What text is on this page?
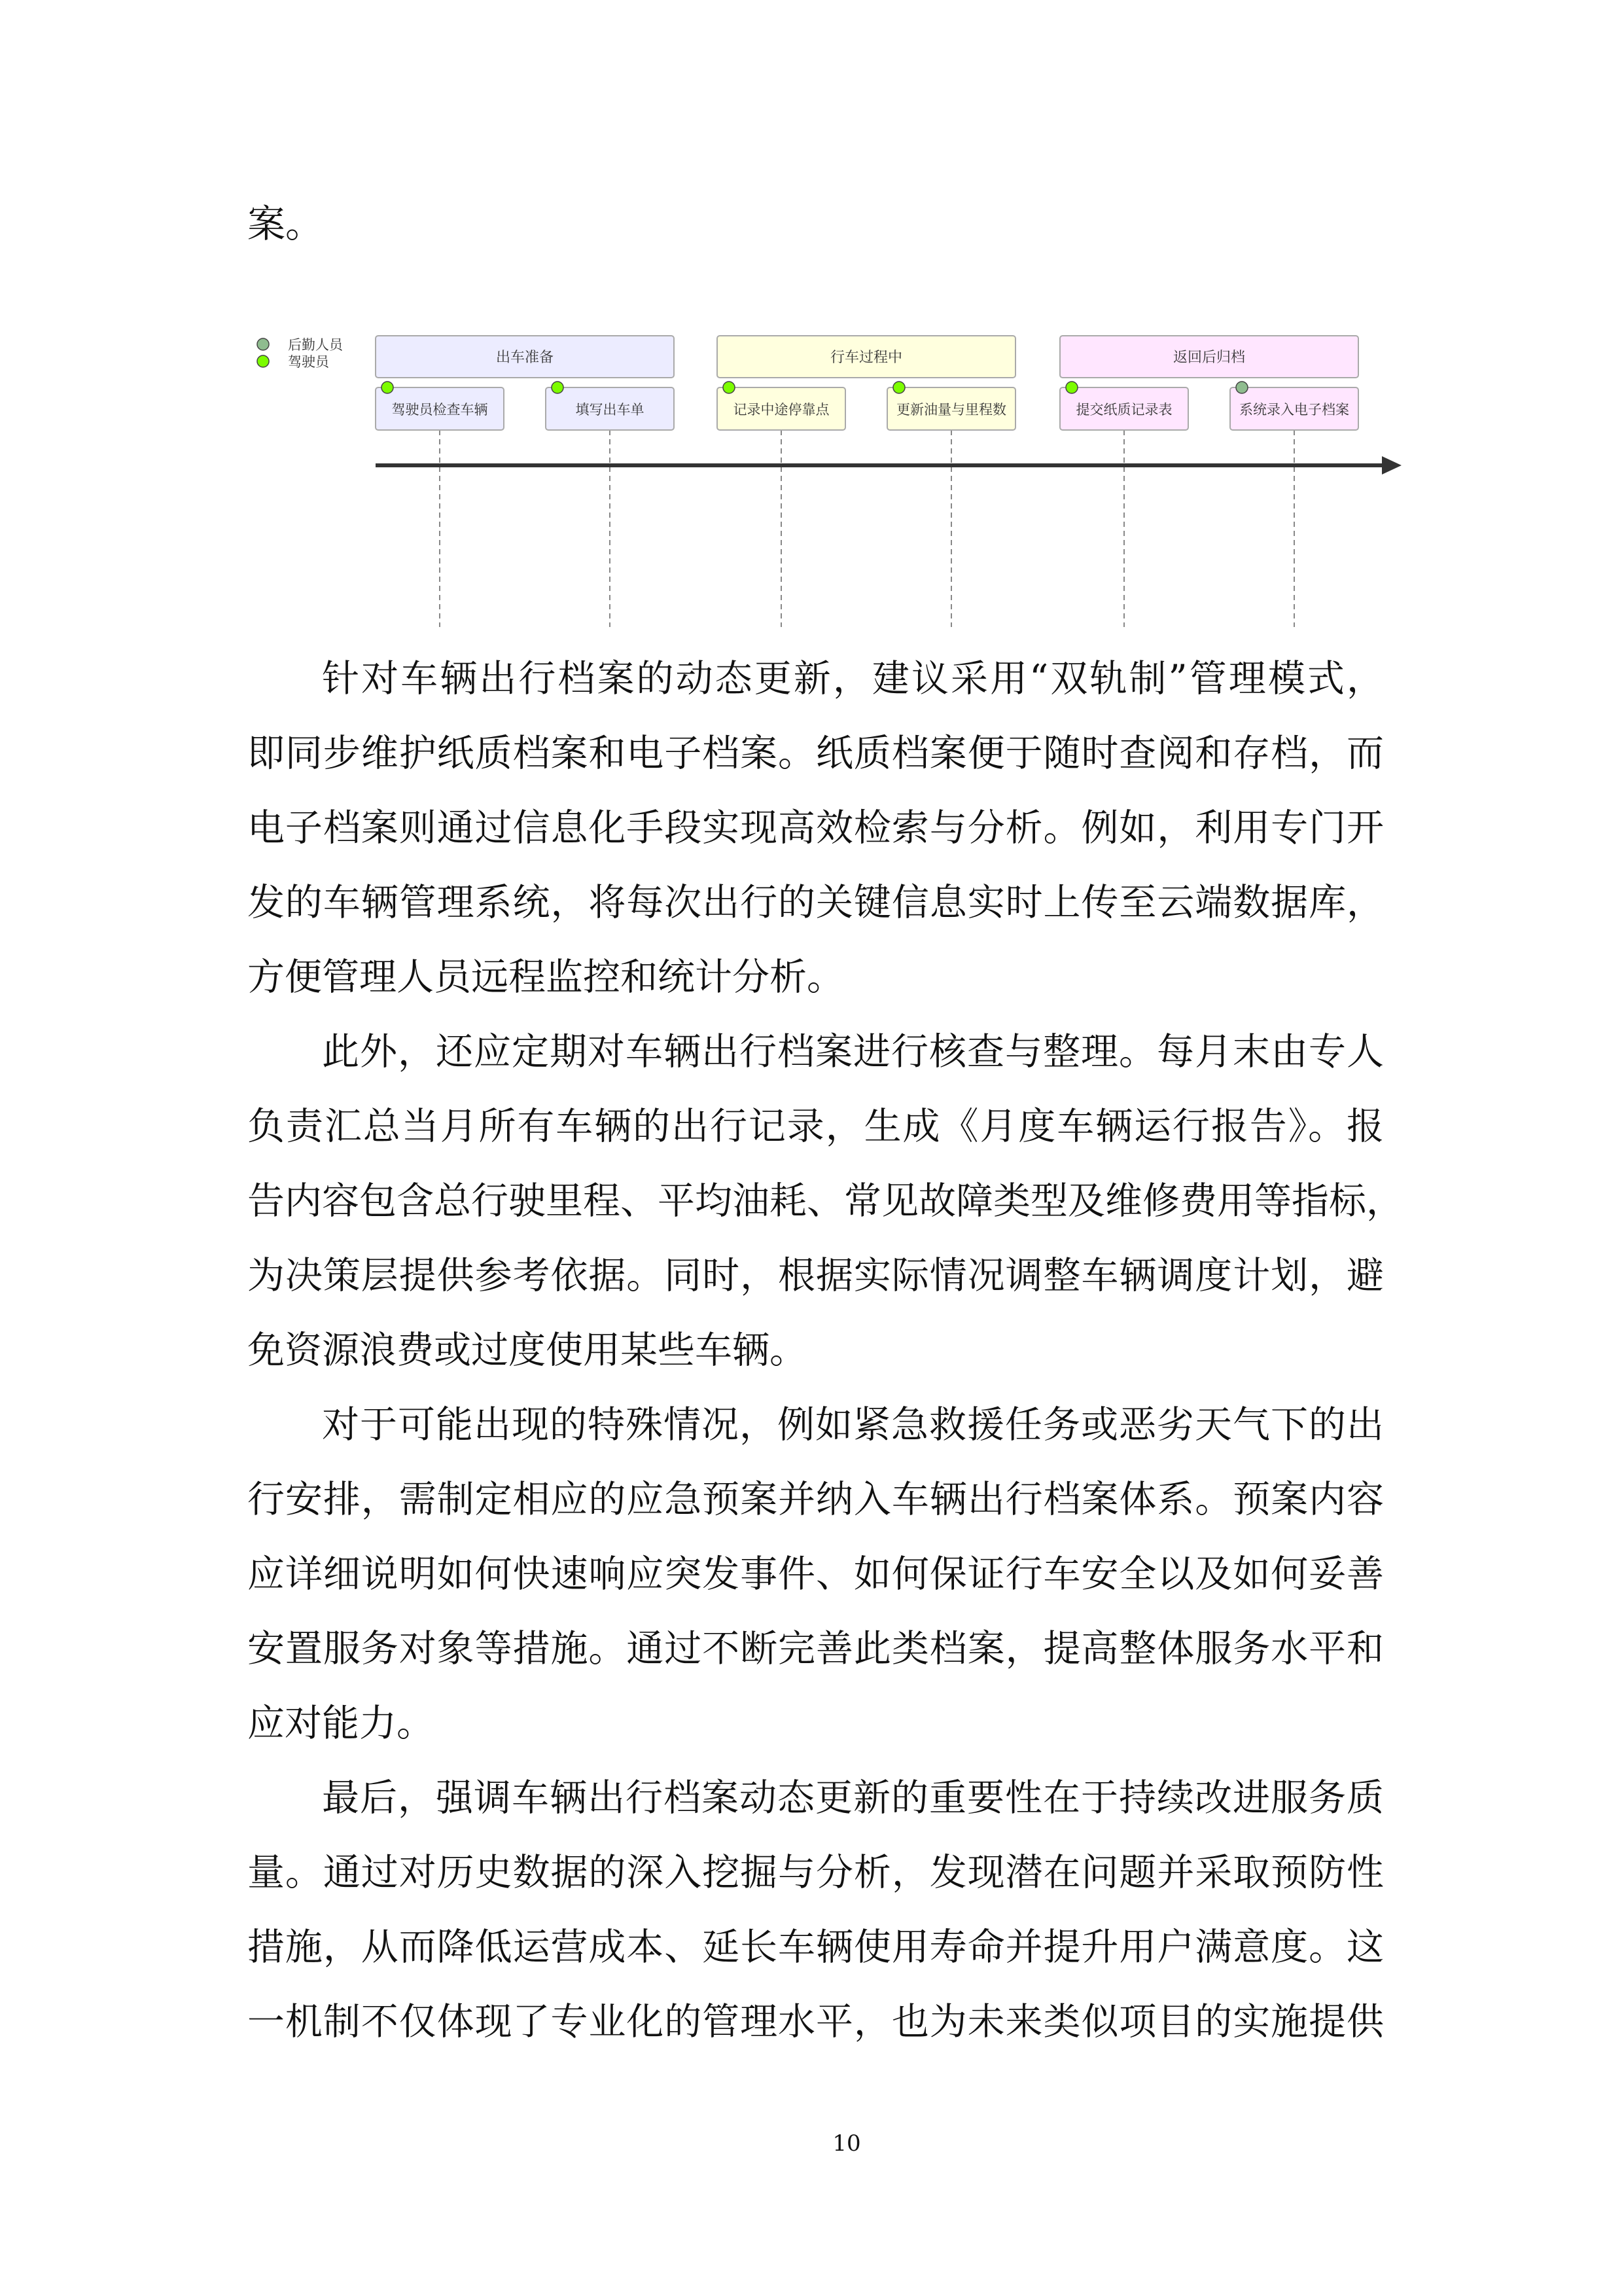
案。
后勤人员
驾驶员	出车准备
驾驶员检查车辆	填写出车单
行车过程中
记录中途停靠点	更新油量与里程数
返回后归档
提交纸质记录表	系统录入电子档案
针对车辆出行档案的动态更新，建议采用“双轨制”管理模式，
即同步维护纸质档案和电子档案。纸质档案便于随时查阅和存档，而
电子档案则通过信息化手段实现高效检索与分析。例如，利用专门开
发的车辆管理系统，将每次出行的关键信息实时上传至云端数据库，
方便管理人员远程监控和统计分析。
此外，还应定期对车辆出行档案进行核查与整理。每月末由专人
负责汇总当月所有车辆的出行记录，生成《月度车辆运行报告》。报
告内容包含总行驶里程、平均油耗、常见故障类型及维修费用等指标，
为决策层提供参考依据。同时，根据实际情况调整车辆调度计划，避
免资源浪费或过度使用某些车辆。
对于可能出现的特殊情况，例如紧急救援任务或恶劣天气下的出
行安排，需制定相应的应急预案并纳入车辆出行档案体系。预案内容
应详细说明如何快速响应突发事件、如何保证行车安全以及如何妥善
安置服务对象等措施。通过不断完善此类档案，提高整体服务水平和
应对能力。
最后，强调车辆出行档案动态更新的重要性在于持续改进服务质
量。通过对历史数据的深入挖掘与分析，发现潜在问题并采取预防性
措施，从而降低运营成本、延长车辆使用寿命并提升用户满意度。这
一机制不仅体现了专业化的管理水平，也为未来类似项目的实施提供
10
